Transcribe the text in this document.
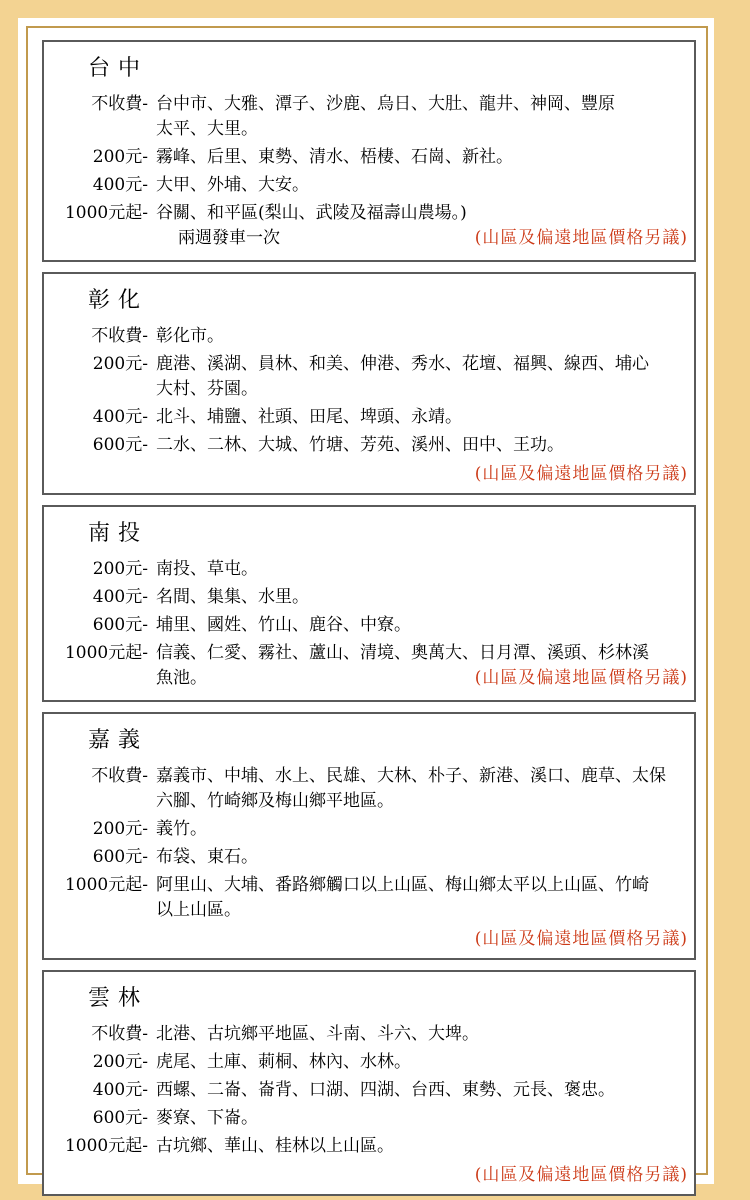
台中
不收費- 台中市、大雅、潭子、沙鹿、烏日、大肚、龍井、神岡、豐原
太平、大里。
200元- 霧峰、后里、東勢、清水、梧棲、石崗、新社。
400元- 大甲、外埔、大安。
1000元起- 谷關、和平區(梨山、武陵及福壽山農場。)
兩週發車一次	(山區及偏遠地區價格另議)
彰化
不收費- 彰化市。
200元- 鹿港、溪湖、員林、和美、伸港、秀水、花壇、福興、線西、埔心
大村、芬園。
400元- 北斗、埔鹽、社頭、田尾、埤頭、永靖。
600元- 二水、二林、大城、竹塘、芳苑、溪州、田中、王功。
(山區及偏遠地區價格另議)
南投
200元- 南投、草屯。
400元- 名間、集集、水里。
600元- 埔里、國姓、竹山、鹿谷、中寮。
1000元起- 信義、仁愛、霧社、蘆山、清境、奧萬大、日月潭、溪頭、杉林溪
魚池。	(山區及偏遠地區價格另議)
嘉義
不收費- 嘉義市、中埔、水上、民雄、大林、朴子、新港、溪口、鹿草、太保
六腳、竹崎鄉及梅山鄉平地區。
200元- 義竹。
600元- 布袋、東石。
1000元起- 阿里山、大埔、番路鄉觸口以上山區、梅山鄉太平以上山區、竹崎
以上山區。
(山區及偏遠地區價格另議)
雲林
不收費- 北港、古坑鄉平地區、斗南、斗六、大埤。
200元- 虎尾、土庫、莿桐、林內、水林。
400元- 西螺、二崙、崙背、口湖、四湖、台西、東勢、元長、褒忠。
600元- 麥寮、下崙。
1000元起- 古坑鄉、華山、桂林以上山區。
(山區及偏遠地區價格另議)
